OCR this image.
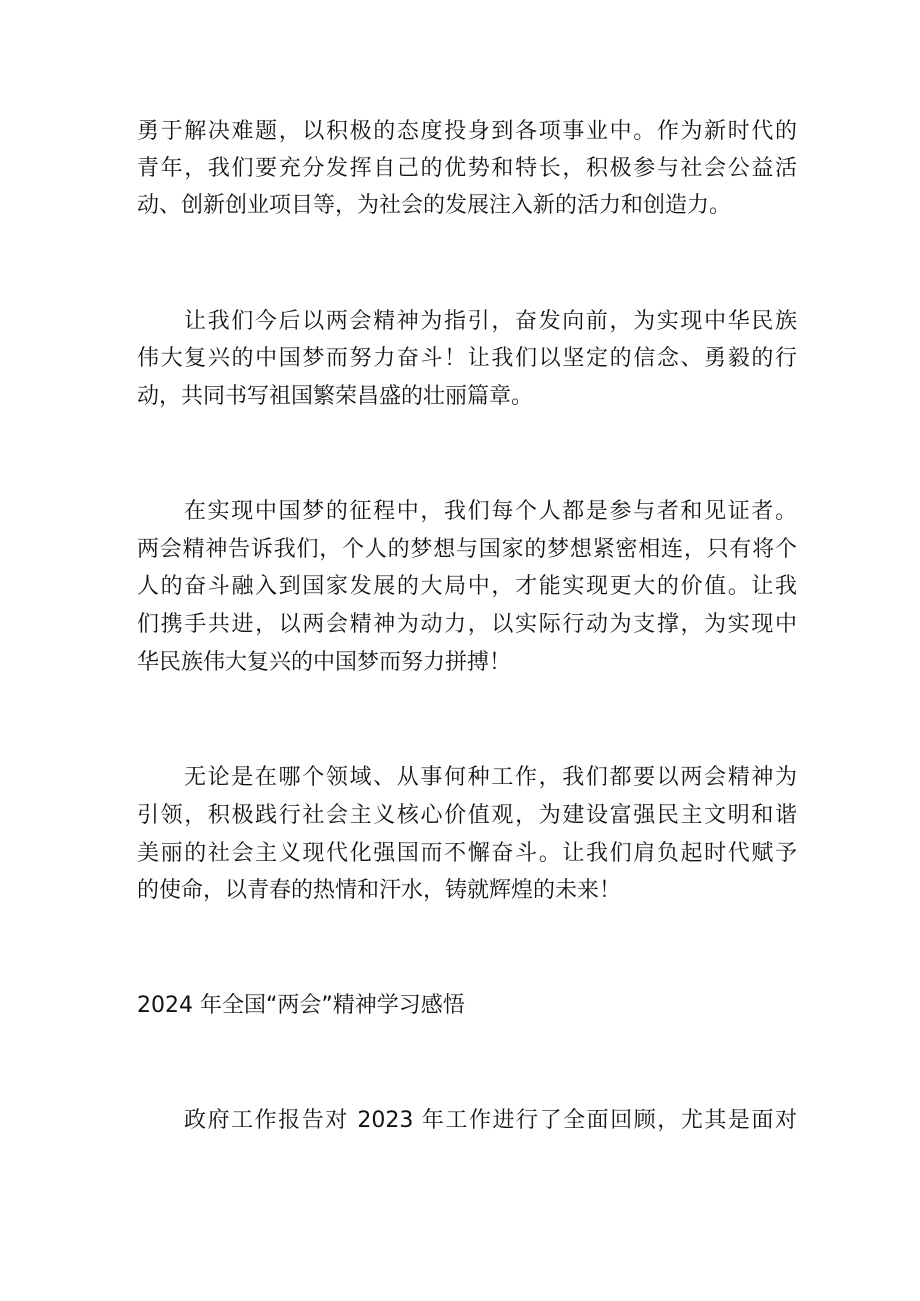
勇于解决难题，以积极的态度投身到各项事业中。作为新时代的
青年，我们要充分发挥自己的优势和特长，积极参与社会公益活
动、创新创业项目等，为社会的发展注入新的活力和创造力。
让我们今后以两会精神为指引，奋发向前，为实现中华民族
伟大复兴的中国梦而努力奋斗！让我们以坚定的信念、勇毅的行
动，共同书写祖国繁荣昌盛的壮丽篇章。
在实现中国梦的征程中，我们每个人都是参与者和见证者。
两会精神告诉我们，个人的梦想与国家的梦想紧密相连，只有将个
人的奋斗融入到国家发展的大局中，才能实现更大的价值。让我
们携手共进，以两会精神为动力，以实际行动为支撑，为实现中
华民族伟大复兴的中国梦而努力拼搏！
无论是在哪个领域、从事何种工作，我们都要以两会精神为
引领，积极践行社会主义核心价值观，为建设富强民主文明和谐
美丽的社会主义现代化强国而不懈奋斗。让我们肩负起时代赋予
的使命，以青春的热情和汗水，铸就辉煌的未来！
2024 年全国“两会”精神学习感悟
政府工作报告对 2023 年工作进行了全面回顾，尤其是面对
